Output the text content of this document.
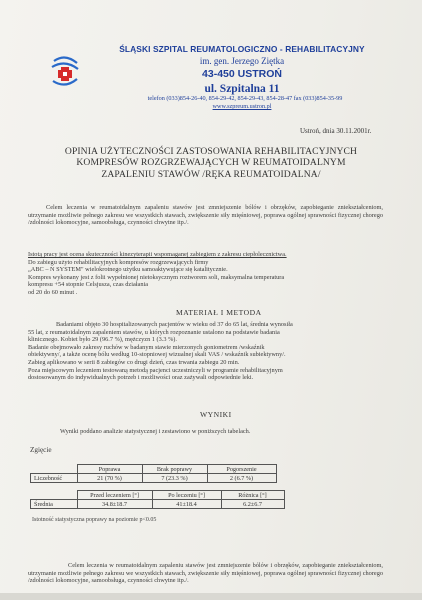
ŚLĄSKI SZPITAL REUMATOLOGICZNO - REHABILITACYJNY
im. gen. Jerzego Ziętka
43-450 USTROŃ
ul. Szpitalna 11
telefon (033)854-26-40, 854-29-42, 854-29-43, 854-28-47 fax (033)854-35-99
www.szpreum.ustron.pl
Ustroń, dnia 30.11.2001r.
OPINIA UŻYTECZNOŚCI ZASTOSOWANIA REHABILITACYJNYCH
KOMPRESÓW ROZGRZEWAJĄCYCH W REUMATOIDALNYM
ZAPALENIU STAWÓW /RĘKA REUMATOIDALNA/
Celem leczenia w reumatoidalnym zapaleniu stawów jest zmniejszenie bólów i obrzęków, zapobieganie zniekształceniom, utrzymanie możliwie pełnego zakresu we wszystkich stawach, zwiększenie siły mięśniowej, poprawa ogólnej sprawności fizycznej chorego /zdolności lokomocyjne, samoobsługa, czynności chwytne itp./.
Istotą pracy jest ocena skuteczności kinezyterapii wspomaganej zabiegiem z zakresu ciepłolecznictwa.
Do zabiegu użyto rehabilitacyjnych kompresów rozgrzewających firmy
„ABC – N SYSTEM" wielokrotnego użytku samoaktywujące się katalitycznie.
Kompres wykonany jest z folii wypełnionej nietoksycznym roztworem soli, maksymalna temperatura
kompresu +54 stopnie Celsjusza, czas działania
od 20 do 60 minut .
MATERIAŁ I METODA
Badaniami objęto 30 hospitalizowanych pacjentów w wieku od 37 do 65 lat, średnia wynosiła
55 lat, z reumatoidalnym zapaleniem stawów, u których rozpoznanie ustalono na podstawie badania
klinicznego. Kobiet było 29 (96.7 %), mężczyzn 1 (3.3 %).
Badanie obejmowało zakresy ruchów w badanym stawie mierzonych goniometrem /wskaźnik
obiektywny/, a także ocenę bólu według 10-stopniowej wizualnej skali VAS / wskaźnik subiektywny/.
Zabieg aplikowano w serii 8 zabiegów co drugi dzień, czas trwania zabiegu 20 min.
Poza mięjscowym leczeniem testowaną metodą pacjenci uczestniczyli w programie rehabilitacyjnym
dostosowanym do indywidualnych potrzeb i możliwości oraz zażywali odpowiednie leki.
WYNIKI
Wyniki poddano analizie statystycznej i zestawiono w poniższych tabelach.
Zgięcie
	Poprawa	Brak poprawy	Pogorszenie
Liczebność	21 (70 %)	7 (23.3 %)	2 (6.7 %)
	Przed leczeniem [°]	Po leczeniu [°]	Różnica [°]
Średnia	34.8±18.7	41±18.4	6.2±6.7
Istotność statystyczna poprawy na poziomie p<0.05
Celem leczenia w reumatoidalnym zapaleniu stawów jest zmniejszenie bólów i obrzęków, zapobieganie zniekształceniom, utrzymanie możliwie pełnego zakresu we wszystkich stawach, zwiększenie siły mięśniowej, poprawa ogólnej sprawności fizycznej chorego /zdolności lokomocyjne, samoobsługa, czynności chwytne itp./.
